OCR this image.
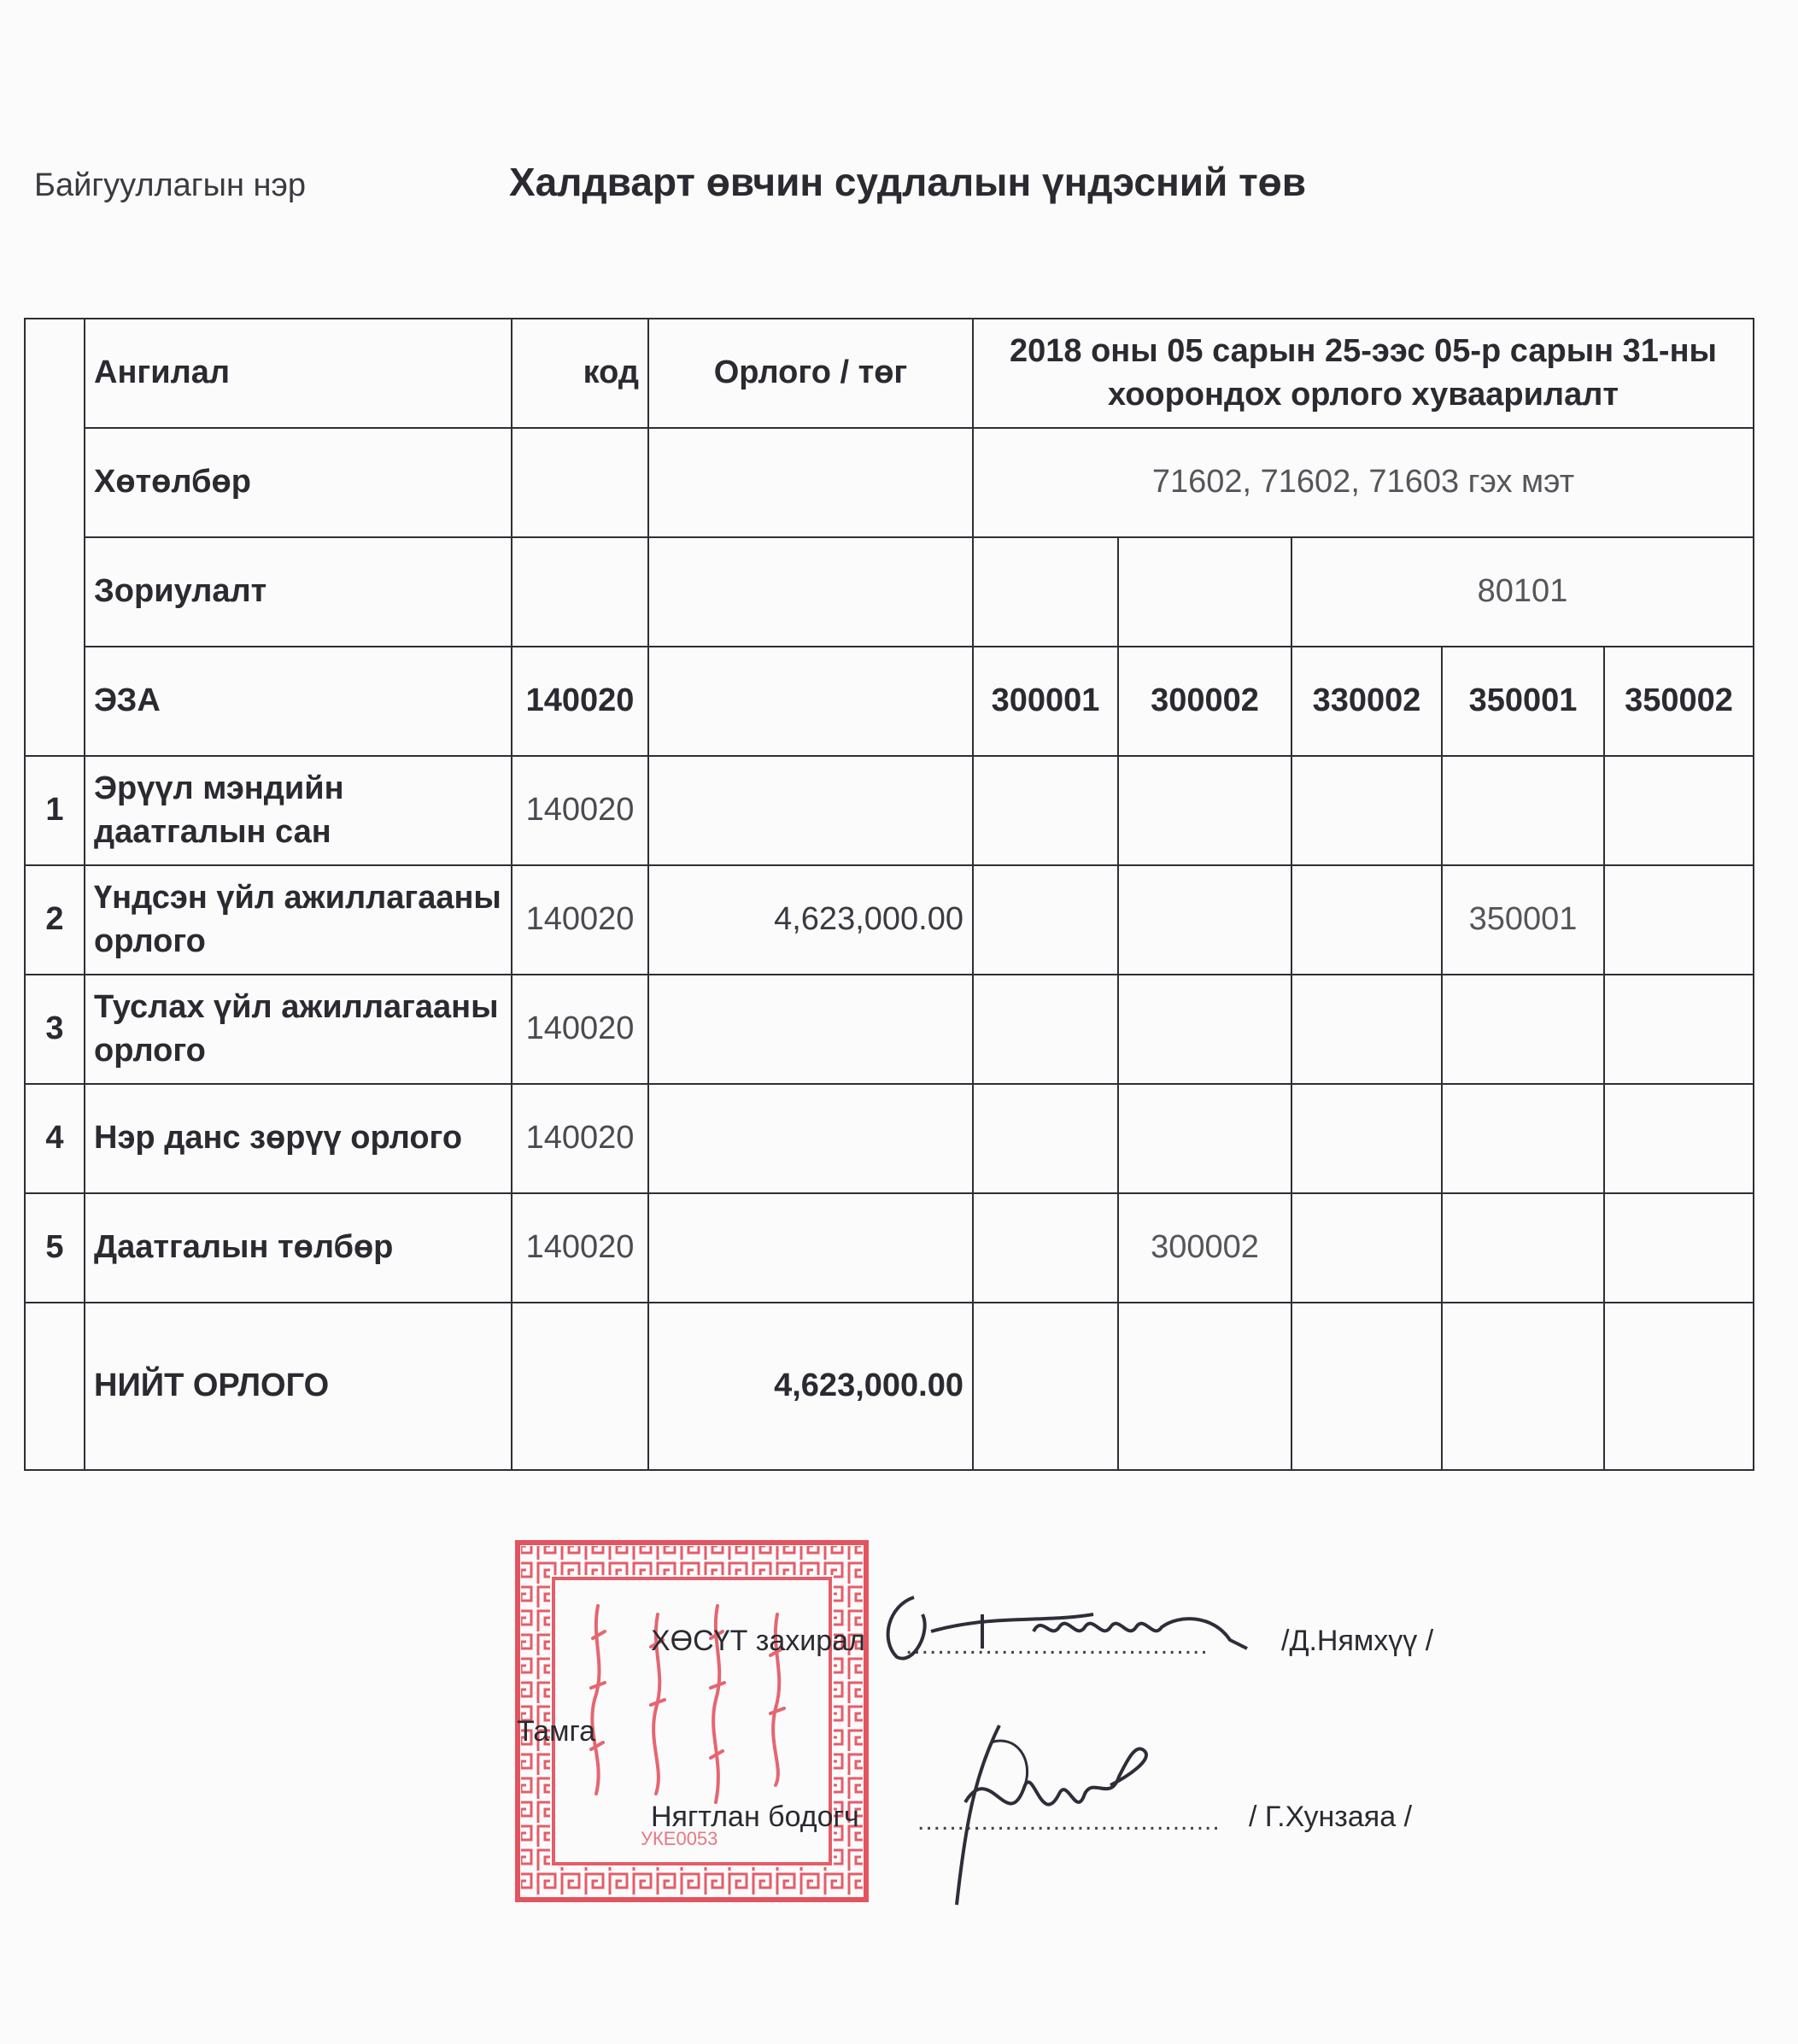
Байгууллагын нэр	Халдварт өвчин судлалын үндэсний төв
	Ангилал	код	Орлого / төг	2018 оны 05 сарын 25-ээс 05-р сарын 31-ны хоорондох орлого хуваарилалт				
	Хөтөлбөр			71602, 71602, 71603 гэх мэт				
	Зориулалт					80101		
	ЭЗА	140020		300001	300002	330002	350001	350002
1	Эрүүл мэндийн даатгалын сан	140020						
2	Үндсэн үйл ажиллагааны орлого	140020	4,623,000.00				350001	
3	Туслах үйл ажиллагааны орлого	140020						
4	Нэр данс зөрүү орлого	140020						
5	Даатгалын төлбөр	140020			300002			
	НИЙТ ОРЛОГО		4,623,000.00					
УКЕ0053
ХӨСҮТ захирал ......................................	/Д.Нямхүү /
Тамга
Нягтлан бодогч ...................................... / Г.Хунзаяа /
